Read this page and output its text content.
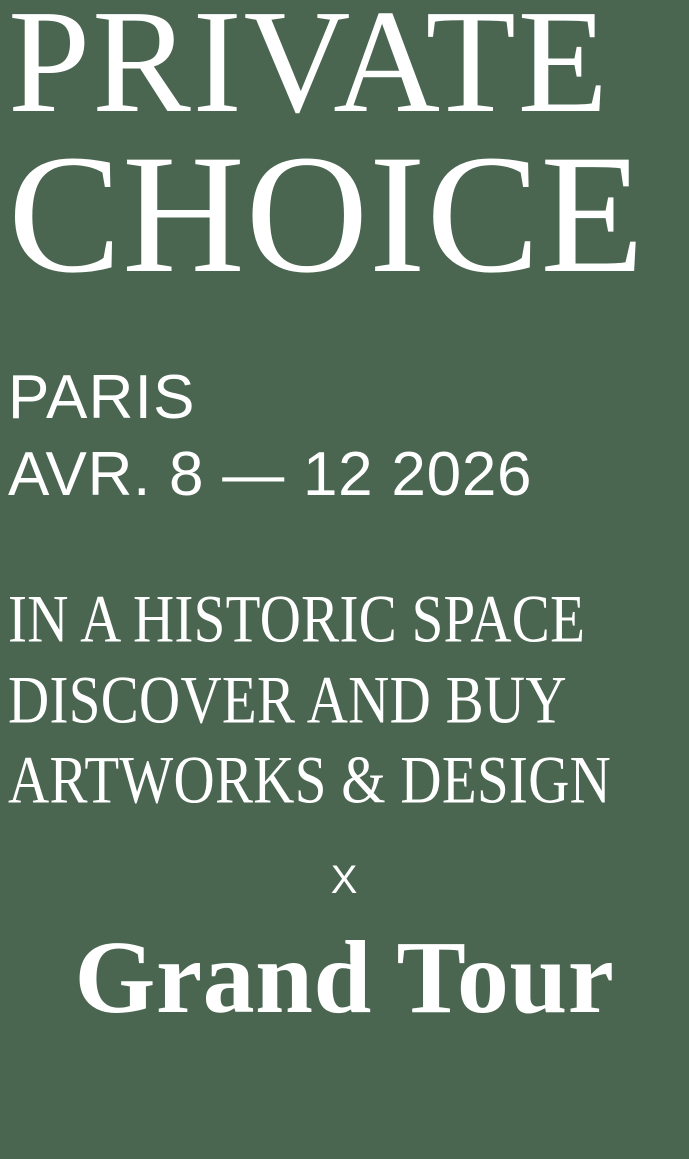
PRIVATE
CHOICE
PARIS
AVR. 8 — 12 2026
IN A HISTORIC SPACE
DISCOVER AND BUY
ARTWORKS & DESIGN
X
Grand Tour
